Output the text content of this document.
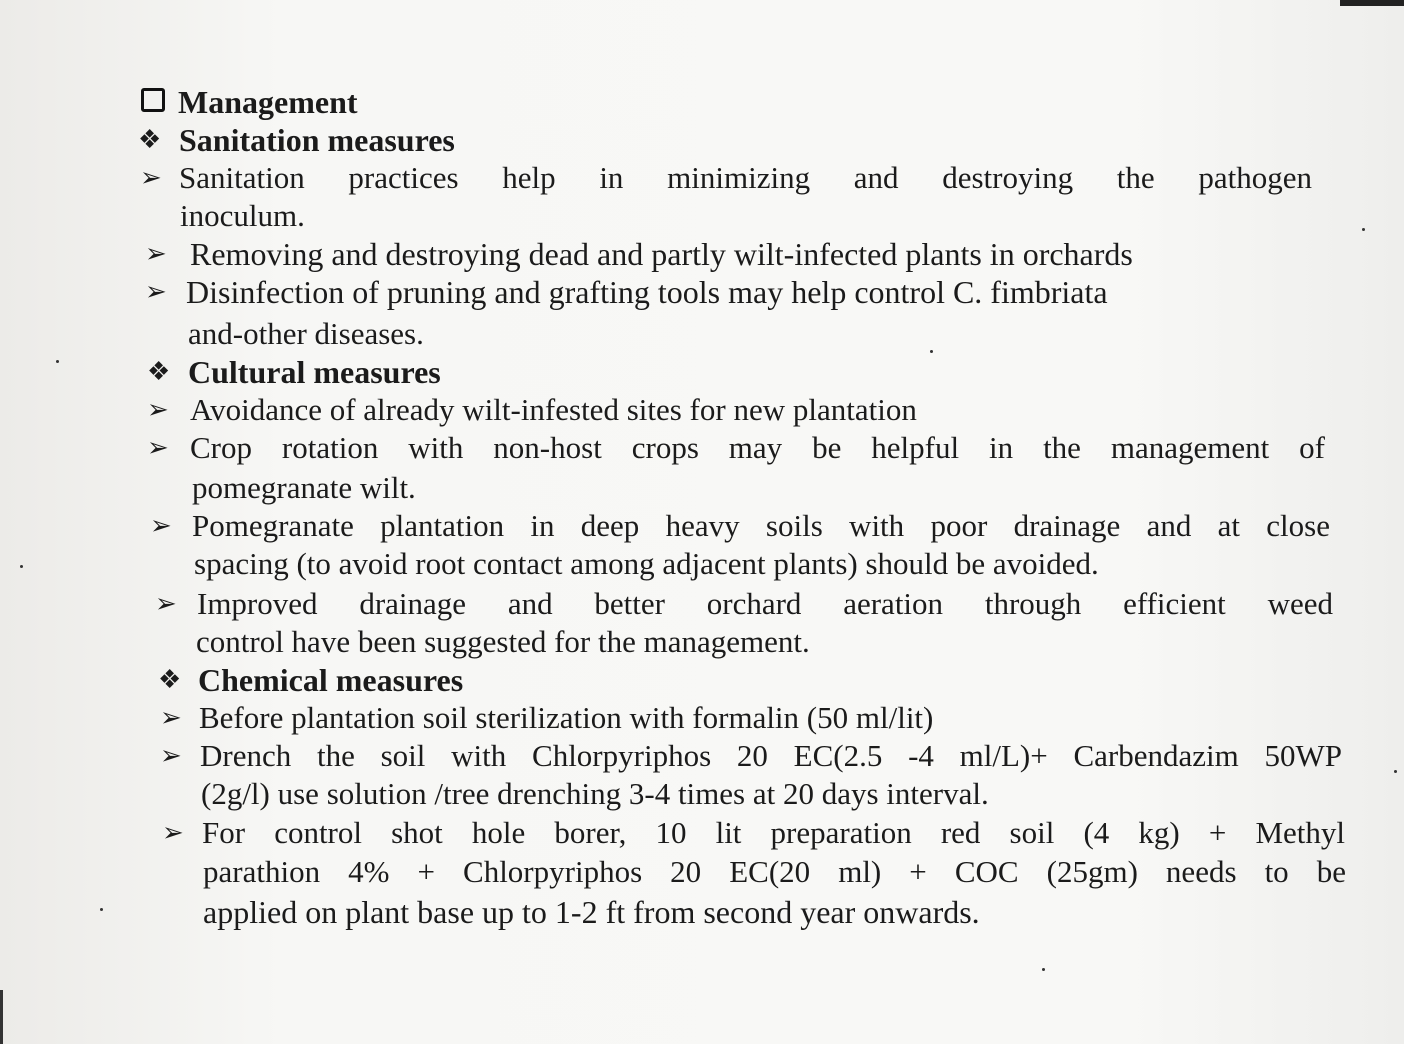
Management
❖ Sanitation measures
➢ Sanitation practices help in minimizing and destroying the pathogen
inoculum.
➢ Removing and destroying dead and partly wilt-infected plants in orchards
➢ Disinfection of pruning and grafting tools may help control C. fimbriata
and-other diseases.
❖ Cultural measures
➢ Avoidance of already wilt-infested sites for new plantation
➢ Crop rotation with non-host crops may be helpful in the management of
pomegranate wilt.
➢ Pomegranate plantation in deep heavy soils with poor drainage and at close
spacing (to avoid root contact among adjacent plants) should be avoided.
➢ Improved drainage and better orchard aeration through efficient weed
control have been suggested for the management.
❖ Chemical measures
➢ Before plantation soil sterilization with formalin (50 ml/lit)
➢ Drench the soil with Chlorpyriphos 20 EC(2.5 -4 ml/L)+ Carbendazim 50WP
(2g/l) use solution /tree drenching 3-4 times at 20 days interval.
➢ For control shot hole borer, 10 lit preparation red soil (4 kg) + Methyl
parathion 4% + Chlorpyriphos 20 EC(20 ml) + COC (25gm) needs to be
applied on plant base up to 1-2 ft from second year onwards.
